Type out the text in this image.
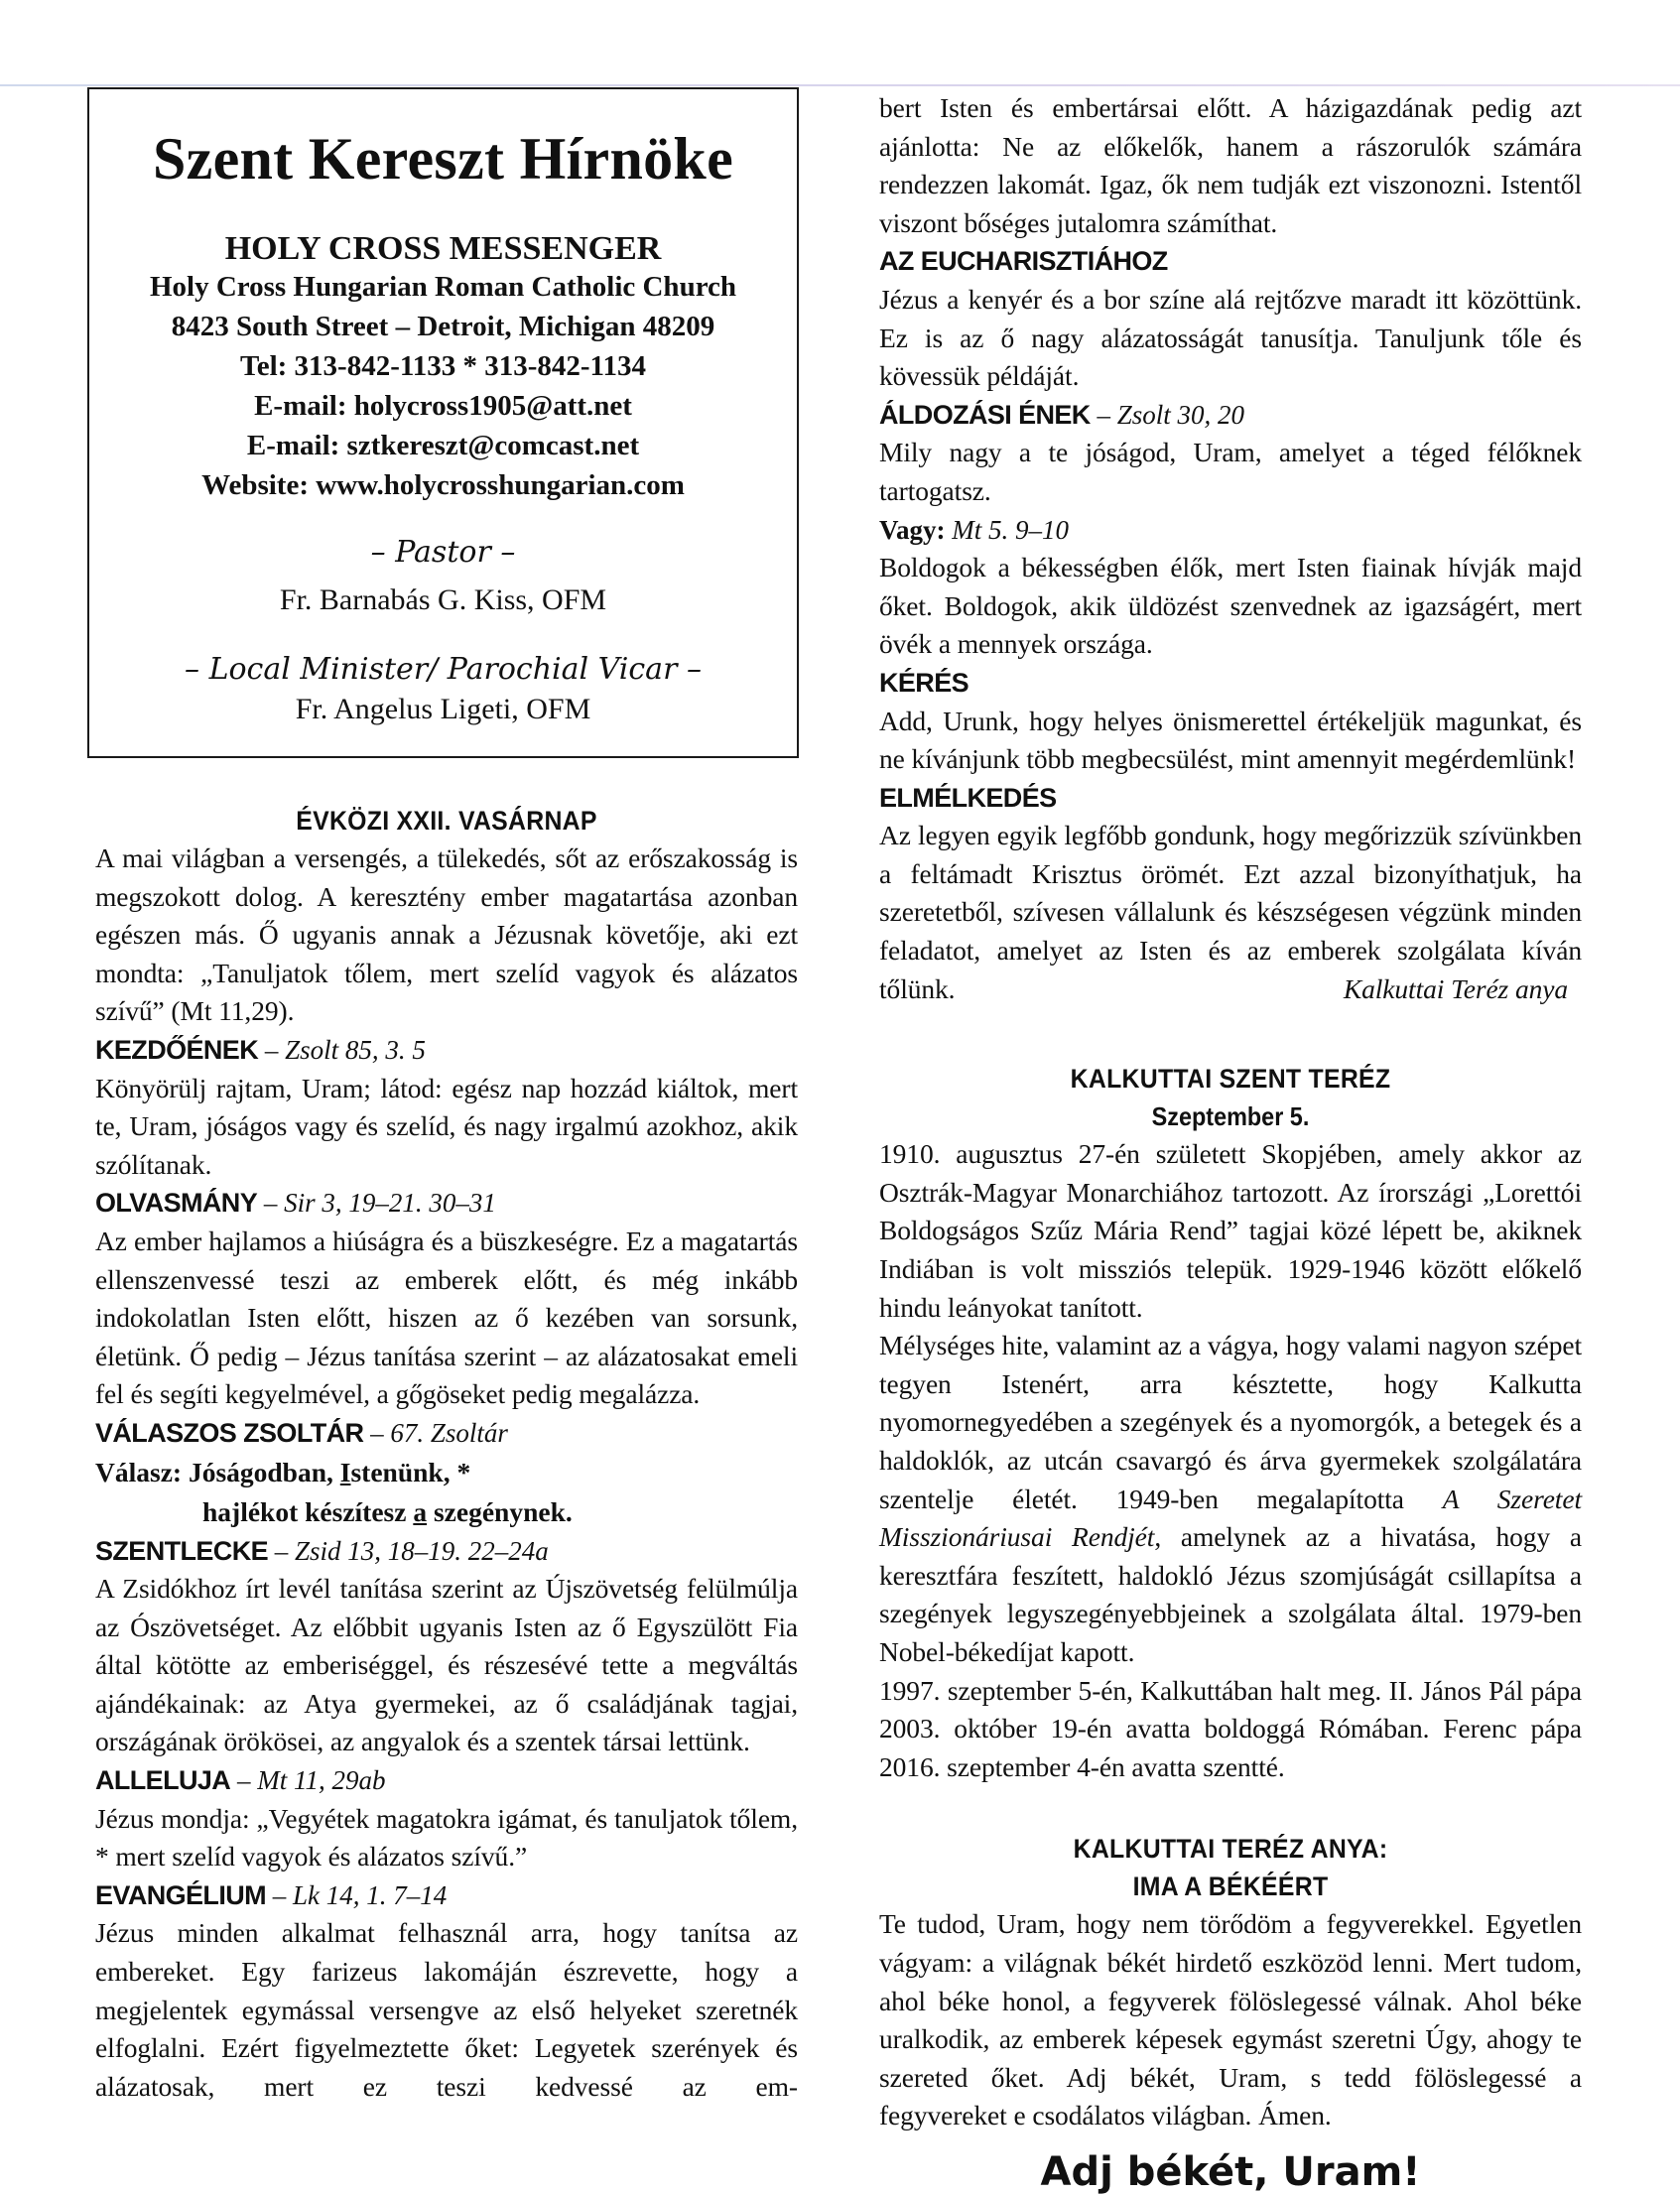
Szent Kereszt Hírnöke
HOLY CROSS MESSENGER
Holy Cross Hungarian Roman Catholic Church
8423 South Street – Detroit, Michigan 48209
Tel: 313-842-1133 * 313-842-1134
E-mail: holycross1905@att.net
E-mail: sztkereszt@comcast.net
Website: www.holycrosshungarian.com
– Pastor –
Fr. Barnabás G. Kiss, OFM
– Local Minister/ Parochial Vicar –
Fr. Angelus Ligeti, OFM
ÉVKÖZI XXII. VASÁRNAP

A mai világban a versengés, a tülekedés, sőt az erőszakosság is megszokott dolog. A keresztény ember magatartása azonban egészen más. Ő ugyanis annak a Jézusnak követője, aki ezt mondta: „Tanuljatok tőlem, mert szelíd vagyok és alázatos szívű” (Mt 11,29).

KEZDŐÉNEK – Zsolt 85, 3. 5

Könyörülj rajtam, Uram; látod: egész nap hozzád kiáltok, mert te, Uram, jóságos vagy és szelíd, és nagy irgalmú azokhoz, akik szólítanak.

OLVASMÁNY – Sir 3, 19–21. 30–31

Az ember hajlamos a hiúságra és a büszkeségre. Ez a magatartás ellenszenvessé teszi az emberek előtt, és még inkább indokolatlan Isten előtt, hiszen az ő kezében van sorsunk, életünk. Ő pedig – Jézus tanítása szerint – az alázatosakat emeli fel és segíti kegyelmével, a gőgöseket pedig megalázza.

VÁLASZOS ZSOLTÁR – 67. Zsoltár

Válasz: Jóságodban, Istenünk, *

hajlékot készítesz a szegénynek.

SZENTLECKE – Zsid 13, 18–19. 22–24a

A Zsidókhoz írt levél tanítása szerint az Újszövetség felülmúlja az Ószövetséget. Az előbbit ugyanis Isten az ő Egyszülött Fia által kötötte az emberiséggel, és részesévé tette a megváltás ajándékainak: az Atya gyermekei, az ő családjának tagjai, országának örökösei, az angyalok és a szentek társai lettünk.

ALLELUJA – Mt 11, 29ab

Jézus mondja: „Vegyétek magatokra igámat, és tanuljatok tőlem, * mert szelíd vagyok és alázatos szívű.”

EVANGÉLIUM – Lk 14, 1. 7–14

Jézus minden alkalmat felhasznál arra, hogy tanítsa az embereket. Egy farizeus lakomáján észrevette, hogy a megjelentek egymással versengve az első helyeket szeretnék elfoglalni. Ezért figyelmeztette őket: Legyetek szerények és alázatosak, mert ez teszi kedvessé az em-

bert Isten és embertársai előtt. A házigazdának pedig azt ajánlotta: Ne az előkelők, hanem a rászorulók számára rendezzen lakomát. Igaz, ők nem tudják ezt viszonozni. Istentől viszont bőséges jutalomra számíthat.

AZ EUCHARISZTIÁHOZ

Jézus a kenyér és a bor színe alá rejtőzve maradt itt közöttünk. Ez is az ő nagy alázatosságát tanusítja. Tanuljunk tőle és kövessük példáját.

ÁLDOZÁSI ÉNEK – Zsolt 30, 20

Mily nagy a te jóságod, Uram, amelyet a téged félőknek tartogatsz.

Vagy: Mt 5. 9–10

Boldogok a békességben élők, mert Isten fiainak hívják majd őket. Boldogok, akik üldözést szenvednek az igazságért, mert övék a mennyek országa.

KÉRÉS

Add, Urunk, hogy helyes önismerettel értékeljük magunkat, és ne kívánjunk több megbecsülést, mint amennyit megérdemlünk!

ELMÉLKEDÉS

Az legyen egyik legfőbb gondunk, hogy megőrizzük szívünkben a feltámadt Krisztus örömét. Ezt azzal bizonyíthatjuk, ha szeretetből, szívesen vállalunk és készségesen végzünk minden feladatot, amelyet az Isten és az emberek szolgálata kíván tőlünk.	Kalkuttai Teréz anya

KALKUTTAI SZENT TERÉZ
Szeptember 5.

1910. augusztus 27-én született Skopjében, amely akkor az Osztrák-Magyar Monarchiához tartozott. Az írországi „Lorettói Boldogságos Szűz Mária Rend” tagjai közé lépett be, akiknek Indiában is volt missziós telepük. 1929-1946 között előkelő hindu leányokat tanított.

Mélységes hite, valamint az a vágya, hogy valami nagyon szépet tegyen Istenért, arra késztette, hogy Kalkutta nyomornegyedében a szegények és a nyomorgók, a betegek és a haldoklók, az utcán csavargó és árva gyermekek szolgálatára szentelje életét. 1949-ben megalapította A Szeretet Misszionáriusai Rendjét, amelynek az a hivatása, hogy a keresztfára feszített, haldokló Jézus szomjúságát csillapítsa a szegények legyszegényebbjeinek a szolgálata által. 1979-ben Nobel-békedíjat kapott.

1997. szeptember 5-én, Kalkuttában halt meg. II. János Pál pápa 2003. október 19-én avatta boldoggá Rómában. Ferenc pápa 2016. szeptember 4-én avatta szentté.

KALKUTTAI TERÉZ ANYA:
IMA A BÉKÉÉRT

Te tudod, Uram, hogy nem törődöm a fegyverekkel. Egyetlen vágyam: a világnak békét hirdető eszközöd lenni. Mert tudom, ahol béke honol, a fegyverek fölöslegessé válnak. Ahol béke uralkodik, az emberek képesek egymást szeretni Úgy, ahogy te szereted őket. Adj békét, Uram, s tedd fölöslegessé a fegyvereket e csodálatos világban. Ámen.

Adj békét, Uram!
